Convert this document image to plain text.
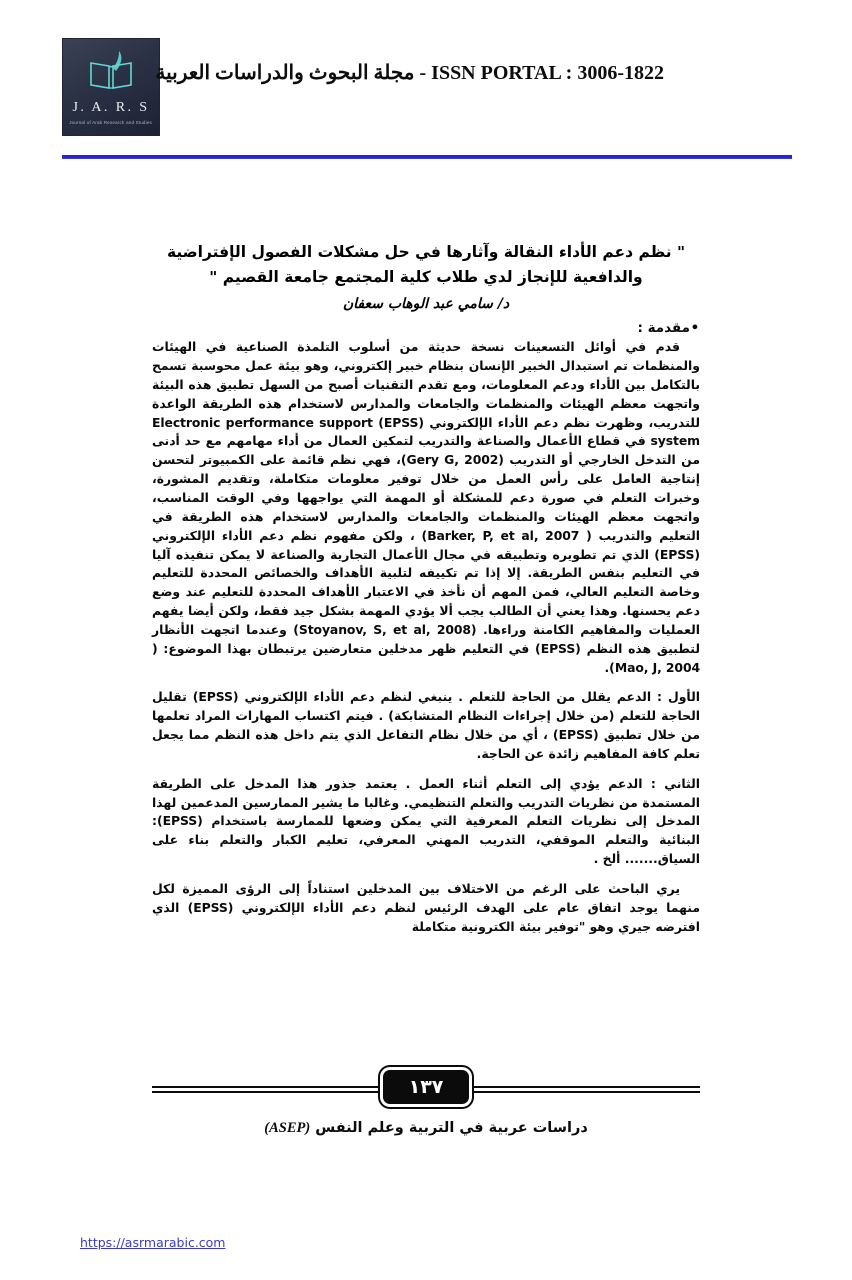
J. A. R. S
Journal of Arab Research and Studies
ISSN PORTAL : 3006-1822 - مجلة البحوث والدراسات العربية
" نظم دعم الأداء النقالة وآثارها في حل مشكلات الفصول الإفتراضية
والدافعية للإنجاز لدي طلاب كلية المجتمع جامعة القصيم "
د/ سامي عبد الوهاب سعفان
•مقدمة :

قدم في أوائل التسعينات نسخة حديثة من أسلوب التلمذة الصناعية في الهيئات والمنظمات تم استبدال الخبير الإنسان بنظام خبير إلكتروني، وهو بيئة عمل محوسبة تسمح بالتكامل بين الأداء ودعم المعلومات، ومع تقدم التقنيات أصبح من السهل تطبيق هذه البيئة واتجهت معظم الهيئات والمنظمات والجامعات والمدارس لاستخدام هذه الطريقة الواعدة للتدريب، وظهرت نظم دعم الأداء الإلكتروني (EPSS) Electronic performance support system في قطاع الأعمال والصناعة والتدريب لتمكين العمال من أداء مهامهم مع حد أدنى من التدخل الخارجي أو التدريب (Gery G, 2002)، فهي نظم قائمة على الكمبيوتر لتحسن إنتاجية العامل على رأس العمل من خلال توفير معلومات متكاملة، وتقديم المشورة، وخبرات التعلم في صورة دعم للمشكلة أو المهمة التي يواجهها وفي الوقت المناسب، واتجهت معظم الهيئات والمنظمات والجامعات والمدارس لاستخدام هذه الطريقة في التعليم والتدريب ( Barker, P, et al, 2007) ، ولكن مفهوم نظم دعم الأداء الإلكتروني (EPSS) الذي تم تطويره وتطبيقه في مجال الأعمال التجارية والصناعة لا يمكن تنفيذه آليا في التعليم بنفس الطريقة. إلا إذا تم تكييفه لتلبية الأهداف والخصائص المحددة للتعليم وخاصة التعليم العالي، فمن المهم أن نأخذ في الاعتبار الأهداف المحددة للتعليم عند وضع دعم يحسنها. وهذا يعني أن الطالب يجب ألا يؤدي المهمة بشكل جيد فقط، ولكن أيضا يفهم العمليات والمفاهيم الكامنة وراءها. (Stoyanov, S, et al, 2008) وعندما اتجهت الأنظار لتطبيق هذه النظم (EPSS) في التعليم ظهر مدخلين متعارضين يرتبطان بهذا الموضوع: ( Mao, J, 2004).

الأول : الدعم يقلل من الحاجة للتعلم . ينبغي لنظم دعم الأداء الإلكتروني (EPSS) تقليل الحاجة للتعلم (من خلال إجراءات النظام المتشابكة) . فيتم اكتساب المهارات المراد تعلمها من خلال تطبيق (EPSS) ، أي من خلال نظام التفاعل الذي يتم داخل هذه النظم مما يجعل تعلم كافة المفاهيم زائدة عن الحاجة.

الثاني : الدعم يؤدي إلى التعلم أثناء العمل . يعتمد جذور هذا المدخل على الطريقة المستمدة من نظريات التدريب والتعلم التنظيمي. وغالبا ما يشير الممارسين المدعمين لهذا المدخل إلى نظريات التعلم المعرفية التي يمكن وضعها للممارسة باستخدام (EPSS): البنائية والتعلم الموقفي، التدريب المهني المعرفي، تعليم الكبار والتعلم بناء على السياق....... ألخ .

يري الباحث على الرغم من الاختلاف بين المدخلين استناداً إلى الرؤى المميزة لكل منهما يوجد اتفاق عام على الهدف الرئيس لنظم دعم الأداء الإلكتروني (EPSS) الذي افترضه جيري وهو "توفير بيئة الكترونية متكاملة

١٣٧
دراسات عربية في التربية وعلم النفس (ASEP)
https://asrmarabic.com
